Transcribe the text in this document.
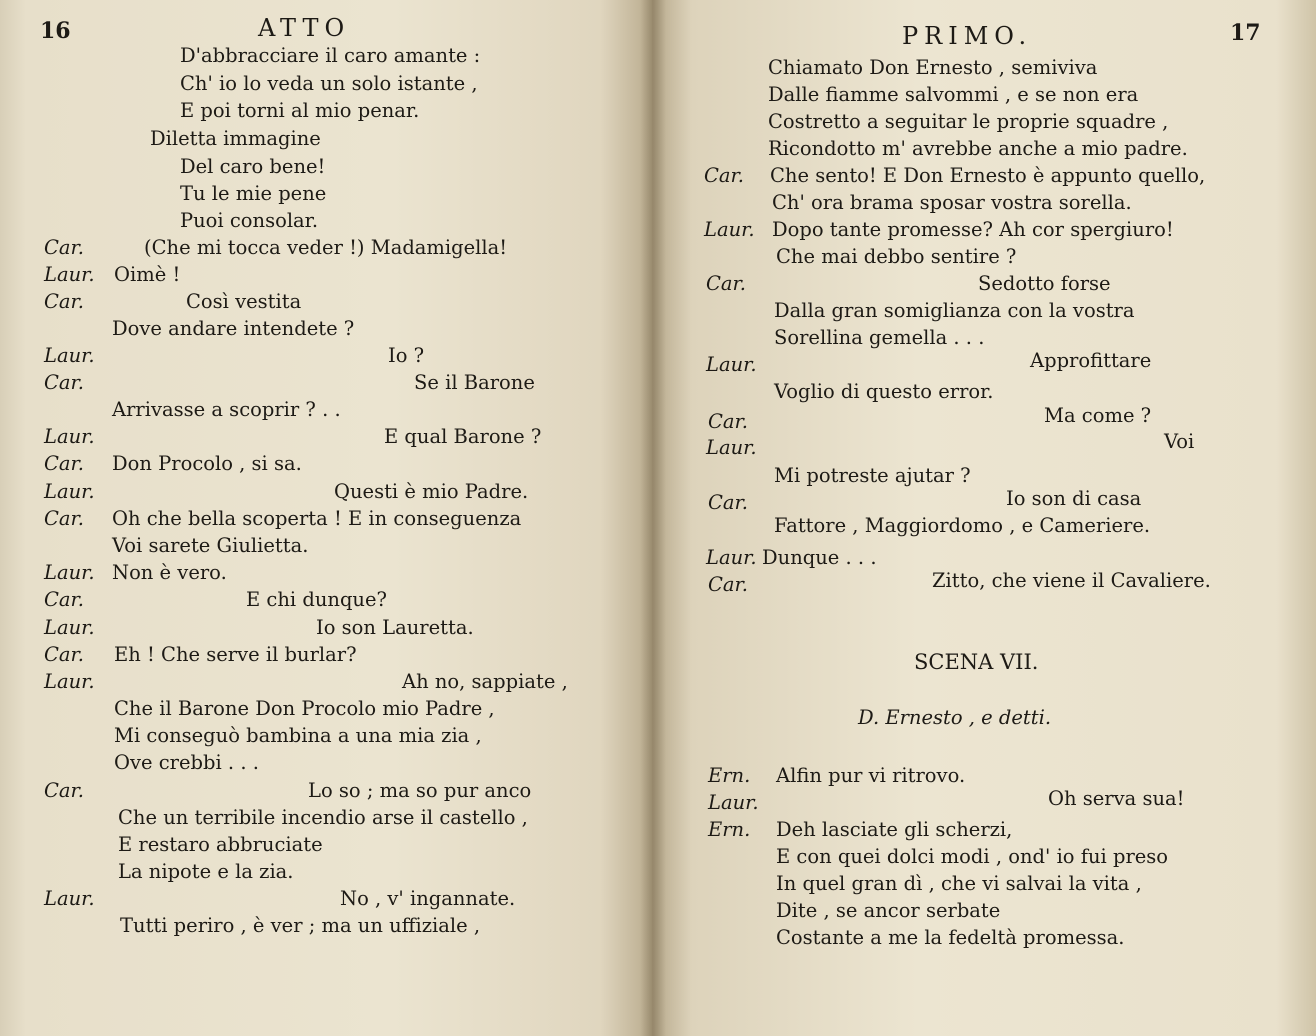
16	ATTO
D'abbracciare il caro amante :
Ch' io lo veda un solo istante ,
E poi torni al mio penar.
Diletta immagine
Del caro bene!
Tu le mie pene
Puoi consolar.
Car.	(Che mi tocca veder !) Madamigella!
Laur. Oimè !
Car.	Così vestita
Dove andare intendete ?
Laur.	Io ?
Car.	Se il Barone
Arrivasse a scoprir ? . .
Laur.	E qual Barone ?
Car. Don Procolo , si sa.
Laur.	Questi è mio Padre.
Car. Oh che bella scoperta ! E in conseguenza
Voi sarete Giulietta.
Laur. Non è vero.
Car.	E chi dunque?
Laur.	Io son Lauretta.
Car. Eh ! Che serve il burlar?
Laur.	Ah no, sappiate ,
Che il Barone Don Procolo mio Padre ,
Mi conseguò bambina a una mia zia ,
Ove crebbi . . .
Car.	Lo so ; ma so pur anco
Che un terribile incendio arse il castello ,
E restaro abbruciate
La nipote e la zia.
Laur.	No , v' ingannate.
Tutti periro , è ver ; ma un uffiziale ,
PRIMO.	17
Chiamato Don Ernesto , semiviva
Dalle fiamme salvommi , e se non era
Costretto a seguitar le proprie squadre ,
Ricondotto m' avrebbe anche a mio padre.
Car. Che sento! E Don Ernesto è appunto quello,
Ch' ora brama sposar vostra sorella.
Laur. Dopo tante promesse? Ah cor spergiuro!
Che mai debbo sentire ?
Car.	Sedotto forse
Dalla gran somiglianza con la vostra
Sorellina gemella . . .
Laur.	Approfittare
Voglio di questo error.
Car.	Ma come ?
Laur.	Voi
Mi potreste ajutar ?
Car.	Io son di casa
Fattore , Maggiordomo , e Cameriere.
Laur. Dunque . . .
Car.	Zitto, che viene il Cavaliere.
SCENA VII.
D. Ernesto , e detti.
Ern. Alfin pur vi ritrovo.
Laur.	Oh serva sua!
Ern. Deh lasciate gli scherzi,
E con quei dolci modi , ond' io fui preso
In quel gran dì , che vi salvai la vita ,
Dite , se ancor serbate
Costante a me la fedeltà promessa.
